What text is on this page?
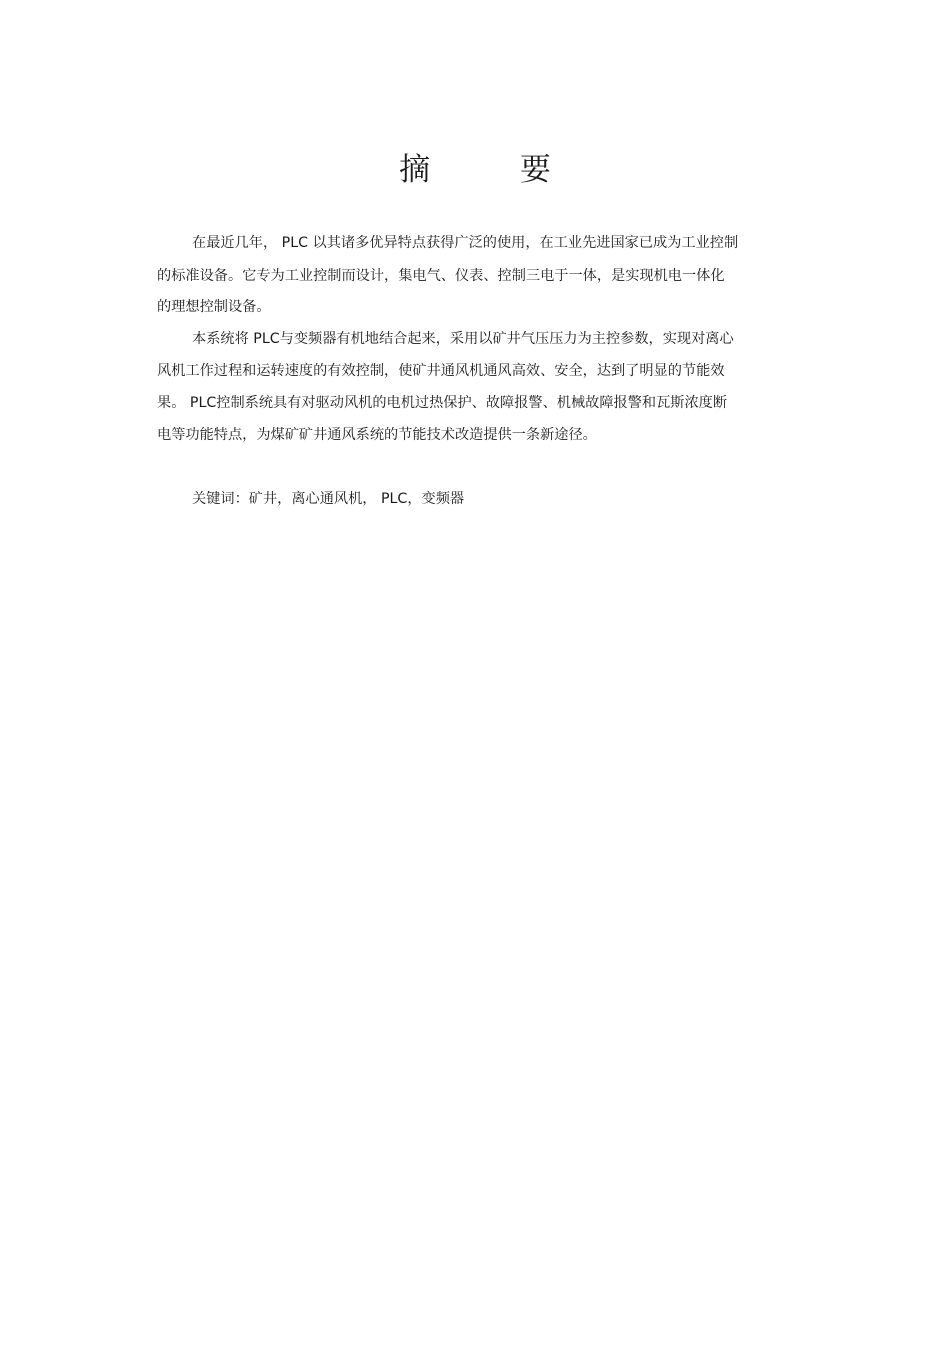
摘 要
在最近几年， PLC 以其诸多优异特点获得广泛的使用，在工业先进国家已成为工业控制
的标准设备。它专为工业控制而设计，集电气、仪表、控制三电于一体，是实现机电一体化
的理想控制设备。
本系统将 PLC与变频器有机地结合起来，采用以矿井气压压力为主控参数，实现对离心
风机工作过程和运转速度的有效控制，使矿井通风机通风高效、安全，达到了明显的节能效
果。 PLC控制系统具有对驱动风机的电机过热保护、故障报警、机械故障报警和瓦斯浓度断
电等功能特点，为煤矿矿井通风系统的节能技术改造提供一条新途径。
关键词：矿井，离心通风机， PLC，变频器
